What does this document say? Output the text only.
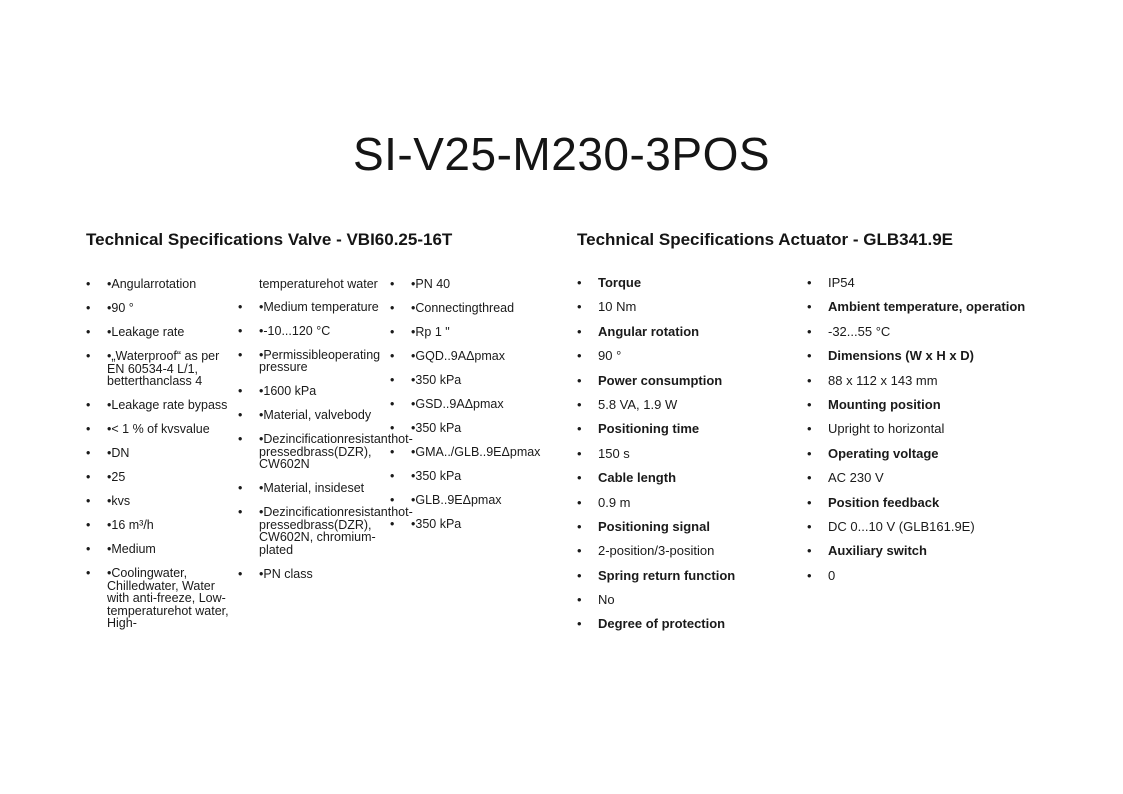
SI-V25-M230-3POS
Technical Specifications Valve - VBI60.25-16T	Technical Specifications Actuator - GLB341.9E
• •Angularrotation
• •90 °
• •Leakage rate
• •„Waterproof“ as per EN 60534-4 L/1, betterthanclass 4
• •Leakage rate bypass
• •< 1 % of kvsvalue
• •DN
• •25
• •kvs
• •16 m³/h
• •Medium
• •Coolingwater, Chilledwater, Water with anti-freeze, Low-temperaturehot water, High-
temperaturehot water
• •Medium temperature
• •-10...120 °C
• •Permissibleoperating pressure
• •1600 kPa
• •Material, valvebody
• •Dezincificationresistanthot-pressedbrass(DZR), CW602N
• •Material, insideset
• •Dezincificationresistanthot-pressedbrass(DZR), CW602N, chromium-plated
• •PN class
• •PN 40
• •Connectingthread
• •Rp 1 "
• •GQD..9AΔpmax
• •350 kPa
• •GSD..9AΔpmax
• •350 kPa
• •GMA../GLB..9EΔpmax
• •350 kPa
• •GLB..9EΔpmax
• •350 kPa
• Torque
• 10 Nm
• Angular rotation
• 90 °
• Power consumption
• 5.8 VA, 1.9 W
• Positioning time
• 150 s
• Cable length
• 0.9 m
• Positioning signal
• 2-position/3-position
• Spring return function
• No
• Degree of protection
• IP54
• Ambient temperature, operation
• -32...55 °C
• Dimensions (W x H x D)
• 88 x 112 x 143 mm
• Mounting position
• Upright to horizontal
• Operating voltage
• AC 230 V
• Position feedback
• DC 0...10 V (GLB161.9E)
• Auxiliary switch
• 0
